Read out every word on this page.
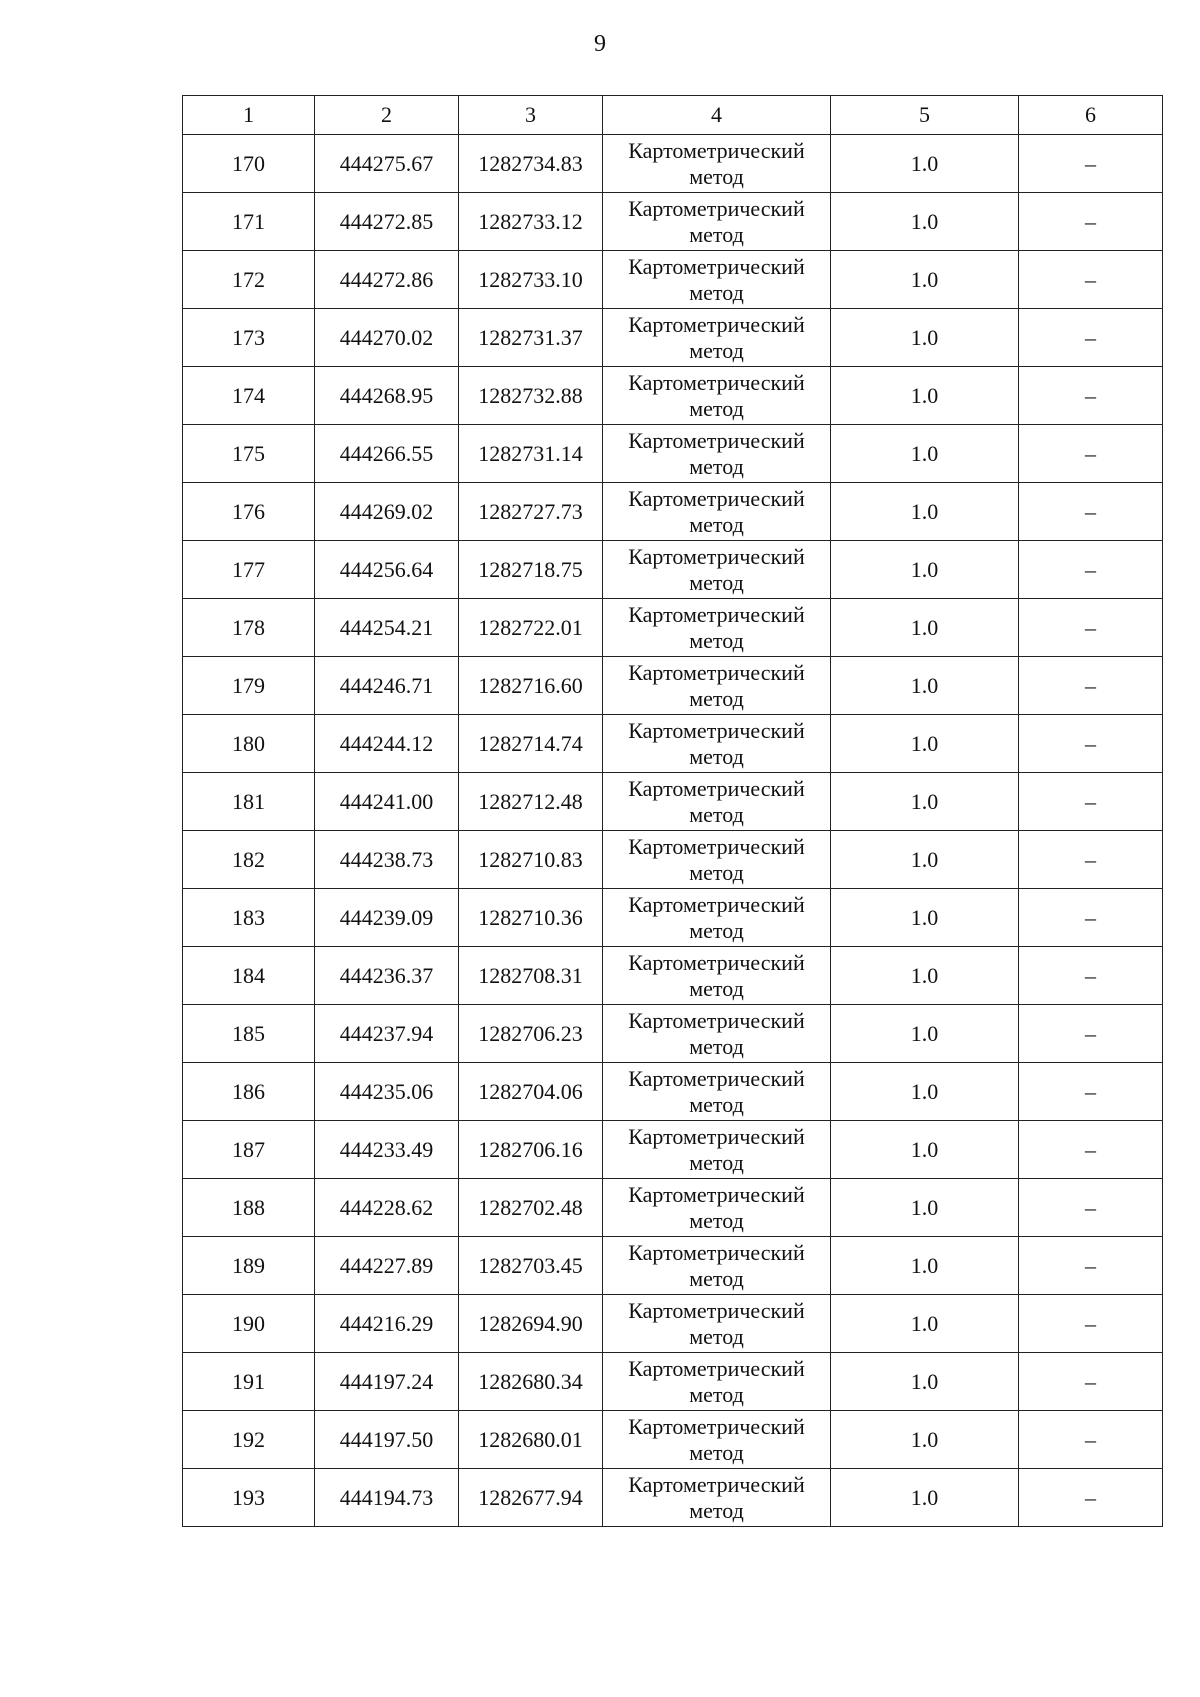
9
1	2	3	4	5	6
170	444275.67	1282734.83	Картометрический метод	1.0	–
171	444272.85	1282733.12	Картометрический метод	1.0	–
172	444272.86	1282733.10	Картометрический метод	1.0	–
173	444270.02	1282731.37	Картометрический метод	1.0	–
174	444268.95	1282732.88	Картометрический метод	1.0	–
175	444266.55	1282731.14	Картометрический метод	1.0	–
176	444269.02	1282727.73	Картометрический метод	1.0	–
177	444256.64	1282718.75	Картометрический метод	1.0	–
178	444254.21	1282722.01	Картометрический метод	1.0	–
179	444246.71	1282716.60	Картометрический метод	1.0	–
180	444244.12	1282714.74	Картометрический метод	1.0	–
181	444241.00	1282712.48	Картометрический метод	1.0	–
182	444238.73	1282710.83	Картометрический метод	1.0	–
183	444239.09	1282710.36	Картометрический метод	1.0	–
184	444236.37	1282708.31	Картометрический метод	1.0	–
185	444237.94	1282706.23	Картометрический метод	1.0	–
186	444235.06	1282704.06	Картометрический метод	1.0	–
187	444233.49	1282706.16	Картометрический метод	1.0	–
188	444228.62	1282702.48	Картометрический метод	1.0	–
189	444227.89	1282703.45	Картометрический метод	1.0	–
190	444216.29	1282694.90	Картометрический метод	1.0	–
191	444197.24	1282680.34	Картометрический метод	1.0	–
192	444197.50	1282680.01	Картометрический метод	1.0	–
193	444194.73	1282677.94	Картометрический метод	1.0	–
